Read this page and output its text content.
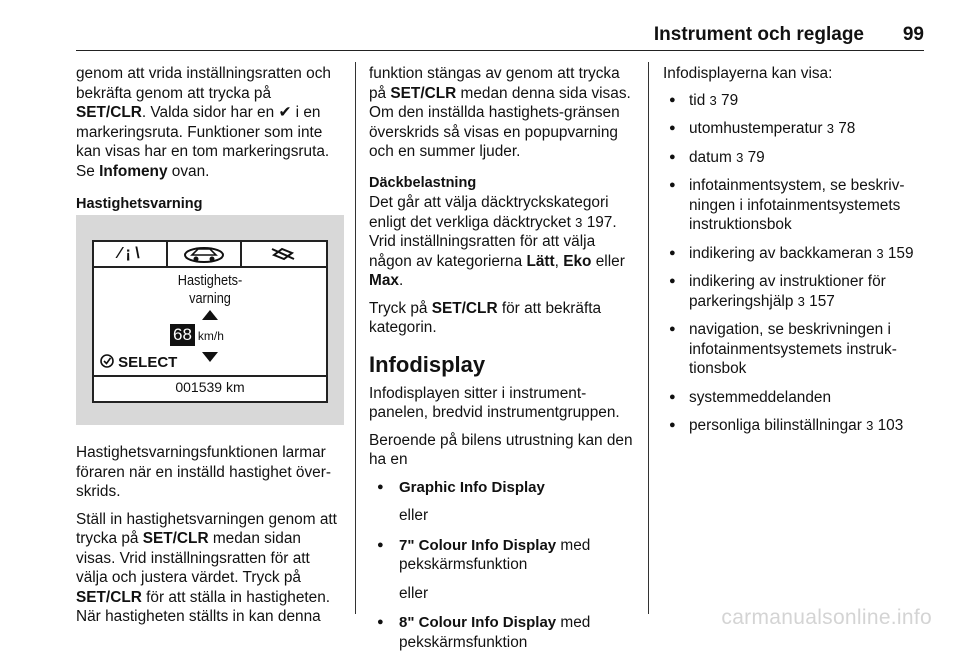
Instrument och reglage 99

genom att vrida inställningsratten och bekräfta genom att trycka på SET/CLR. Valda sidor har en ✔ i en markeringsruta. Funktioner som inte kan visas har en tom markeringsruta. Se Infomeny ovan.

Hastighetsvarning
⁄ ¡ \
Hastighets-
varning
68 km/h
SELECT
001539 km

Hastighetsvarningsfunktionen larmar föraren när en inställd hastighet över-skrids.

Ställ in hastighetsvarningen genom att trycka på SET/CLR medan sidan visas. Vrid inställningsratten för att välja och justera värdet. Tryck på SET/CLR för att ställa in hastigheten. När hastigheten ställts in kan denna

funktion stängas av genom att trycka på SET/CLR medan denna sida visas. Om den inställda hastighets-gränsen överskrids så visas en popupvarning och en summer ljuder.

Däckbelastning

Det går att välja däcktryckskategori enligt det verkliga däcktrycket 3 197. Vrid inställningsratten för att välja någon av kategorierna Lätt, Eko eller Max.

Tryck på SET/CLR för att bekräfta kategorin.

Infodisplay

Infodisplayen sitter i instrument-panelen, bredvid instrumentgruppen.

Beroende på bilens utrustning kan den ha en

● Graphic Info Display
eller
● 7" Colour Info Display med pekskärmsfunktion
eller
● 8" Colour Info Display med pekskärmsfunktion

Infodisplayerna kan visa:

● tid 3 79
● utomhustemperatur 3 78
● datum 3 79
● infotainmentsystem, se beskriv-ningen i infotainmentsystemets instruktionsbok
● indikering av backkameran 3 159
● indikering av instruktioner för parkeringshjälp 3 157
● navigation, se beskrivningen i infotainmentsystemets instruk-tionsbok
● systemmeddelanden
● personliga bilinställningar 3 103
carmanualsonline.info
